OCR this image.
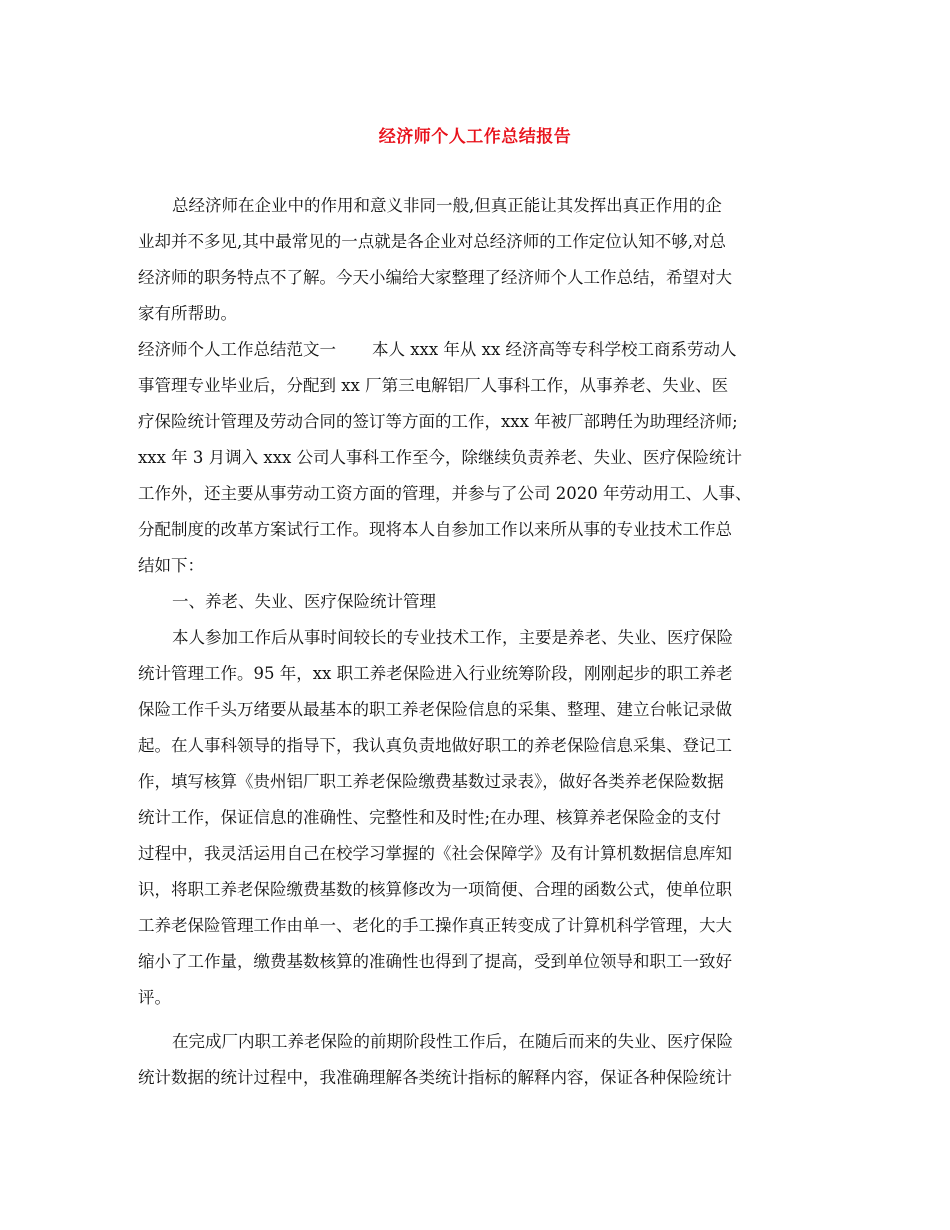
经济师个人工作总结报告
总经济师在企业中的作用和意义非同一般,但真正能让其发挥出真正作用的企
业却并不多见,其中最常见的一点就是各企业对总经济师的工作定位认知不够,对总
经济师的职务特点不了解。今天小编给大家整理了经济师个人工作总结，希望对大
家有所帮助。
经济师个人工作总结范文一 本人 xxx 年从 xx 经济高等专科学校工商系劳动人
事管理专业毕业后，分配到 xx 厂第三电解铝厂人事科工作，从事养老、失业、医
疗保险统计管理及劳动合同的签订等方面的工作，xxx 年被厂部聘任为助理经济师;
xxx 年 3 月调入 xxx 公司人事科工作至今，除继续负责养老、失业、医疗保险统计
工作外，还主要从事劳动工资方面的管理，并参与了公司 2020 年劳动用工、人事、
分配制度的改革方案试行工作。现将本人自参加工作以来所从事的专业技术工作总
结如下：
一、养老、失业、医疗保险统计管理
本人参加工作后从事时间较长的专业技术工作，主要是养老、失业、医疗保险
统计管理工作。95 年，xx 职工养老保险进入行业统筹阶段，刚刚起步的职工养老
保险工作千头万绪要从最基本的职工养老保险信息的采集、整理、建立台帐记录做
起。在人事科领导的指导下，我认真负责地做好职工的养老保险信息采集、登记工
作，填写核算《贵州铝厂职工养老保险缴费基数过录表》，做好各类养老保险数据
统计工作，保证信息的准确性、完整性和及时性;在办理、核算养老保险金的支付
过程中，我灵活运用自己在校学习掌握的《社会保障学》及有计算机数据信息库知
识，将职工养老保险缴费基数的核算修改为一项简便、合理的函数公式，使单位职
工养老保险管理工作由单一、老化的手工操作真正转变成了计算机科学管理，大大
缩小了工作量，缴费基数核算的准确性也得到了提高，受到单位领导和职工一致好
评。
在完成厂内职工养老保险的前期阶段性工作后，在随后而来的失业、医疗保险
统计数据的统计过程中，我准确理解各类统计指标的解释内容，保证各种保险统计
